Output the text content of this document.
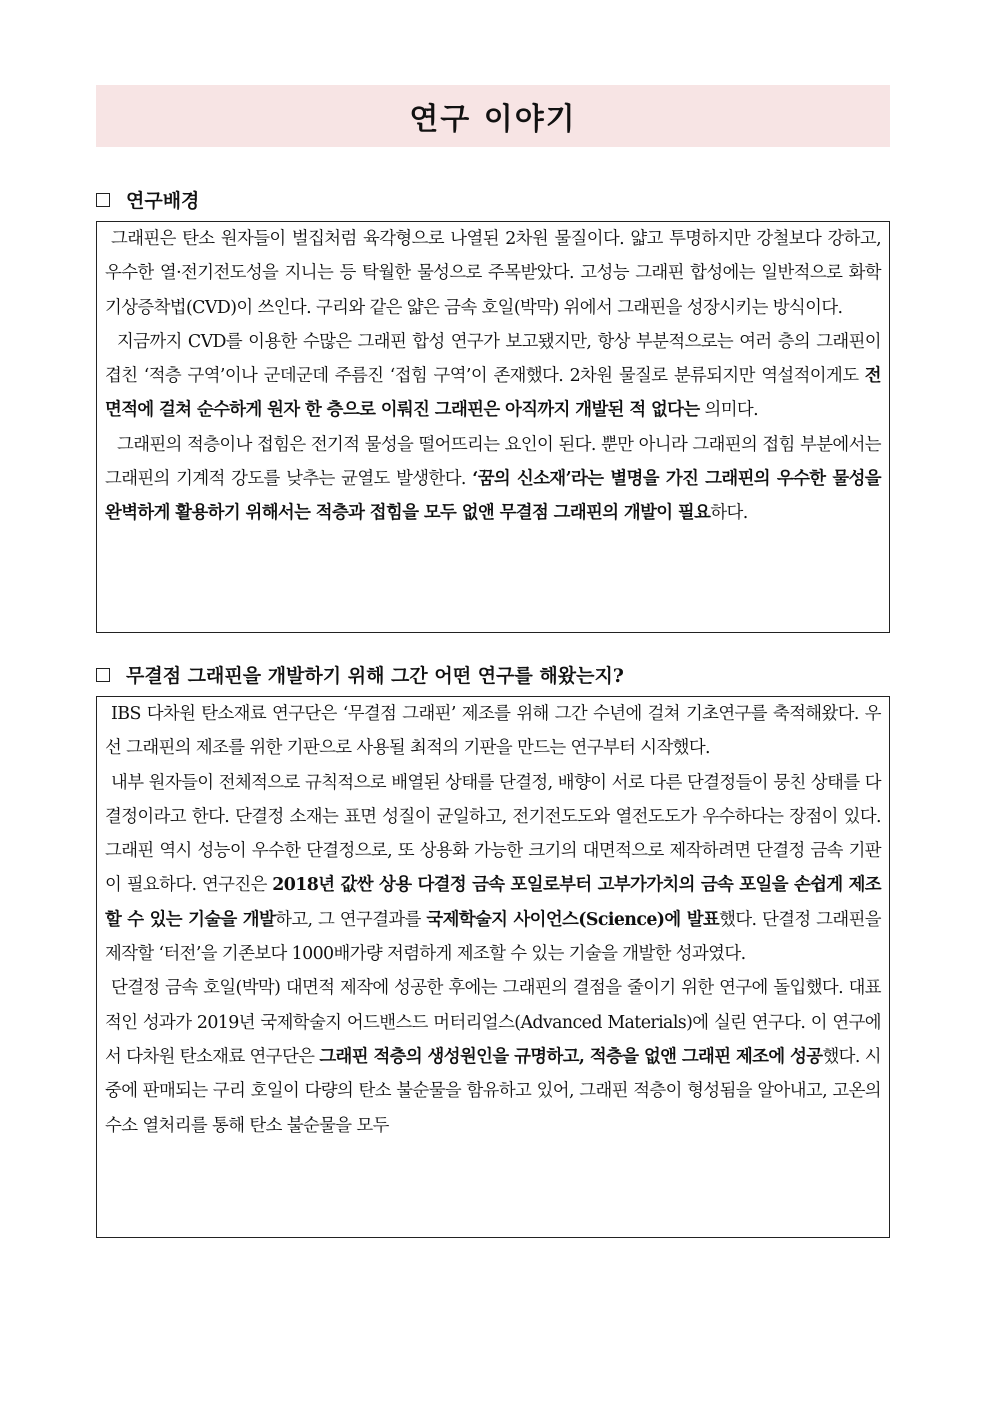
연구 이야기
연구배경

그래핀은 탄소 원자들이 벌집처럼 육각형으로 나열된 2차원 물질이다. 얇고 투명하지만 강철보다 강하고, 우수한 열·전기전도성을 지니는 등 탁월한 물성으로 주목받았다. 고성능 그래핀 합성에는 일반적으로 화학기상증착법(CVD)이 쓰인다. 구리와 같은 얇은 금속 호일(박막) 위에서 그래핀을 성장시키는 방식이다.

지금까지 CVD를 이용한 수많은 그래핀 합성 연구가 보고됐지만, 항상 부분적으로는 여러 층의 그래핀이 겹친 ‘적층 구역’이나 군데군데 주름진 ‘접힘 구역’이 존재했다. 2차원 물질로 분류되지만 역설적이게도 전 면적에 걸쳐 순수하게 원자 한 층으로 이뤄진 그래핀은 아직까지 개발된 적 없다는 의미다.

그래핀의 적층이나 접힘은 전기적 물성을 떨어뜨리는 요인이 된다. 뿐만 아니라 그래핀의 접힘 부분에서는 그래핀의 기계적 강도를 낮추는 균열도 발생한다. ‘꿈의 신소재’라는 별명을 가진 그래핀의 우수한 물성을 완벽하게 활용하기 위해서는 적층과 접힘을 모두 없앤 무결점 그래핀의 개발이 필요하다.

무결점 그래핀을 개발하기 위해 그간 어떤 연구를 해왔는지?

IBS 다차원 탄소재료 연구단은 ‘무결점 그래핀’ 제조를 위해 그간 수년에 걸쳐 기초연구를 축적해왔다. 우선 그래핀의 제조를 위한 기판으로 사용될 최적의 기판을 만드는 연구부터 시작했다.

내부 원자들이 전체적으로 규칙적으로 배열된 상태를 단결정, 배향이 서로 다른 단결정들이 뭉친 상태를 다결정이라고 한다. 단결정 소재는 표면 성질이 균일하고, 전기전도도와 열전도도가 우수하다는 장점이 있다. 그래핀 역시 성능이 우수한 단결정으로, 또 상용화 가능한 크기의 대면적으로 제작하려면 단결정 금속 기판이 필요하다. 연구진은 2018년 값싼 상용 다결정 금속 포일로부터 고부가가치의 금속 포일을 손쉽게 제조할 수 있는 기술을 개발하고, 그 연구결과를 국제학술지 사이언스(Science)에 발표했다. 단결정 그래핀을 제작할 ‘터전’을 기존보다 1000배가량 저렴하게 제조할 수 있는 기술을 개발한 성과였다.

단결정 금속 호일(박막) 대면적 제작에 성공한 후에는 그래핀의 결점을 줄이기 위한 연구에 돌입했다. 대표적인 성과가 2019년 국제학술지 어드밴스드 머터리얼스(Advanced Materials)에 실린 연구다. 이 연구에서 다차원 탄소재료 연구단은 그래핀 적층의 생성원인을 규명하고, 적층을 없앤 그래핀 제조에 성공했다. 시중에 판매되는 구리 호일이 다량의 탄소 불순물을 함유하고 있어, 그래핀 적층이 형성됨을 알아내고, 고온의 수소 열처리를 통해 탄소 불순물을 모두
